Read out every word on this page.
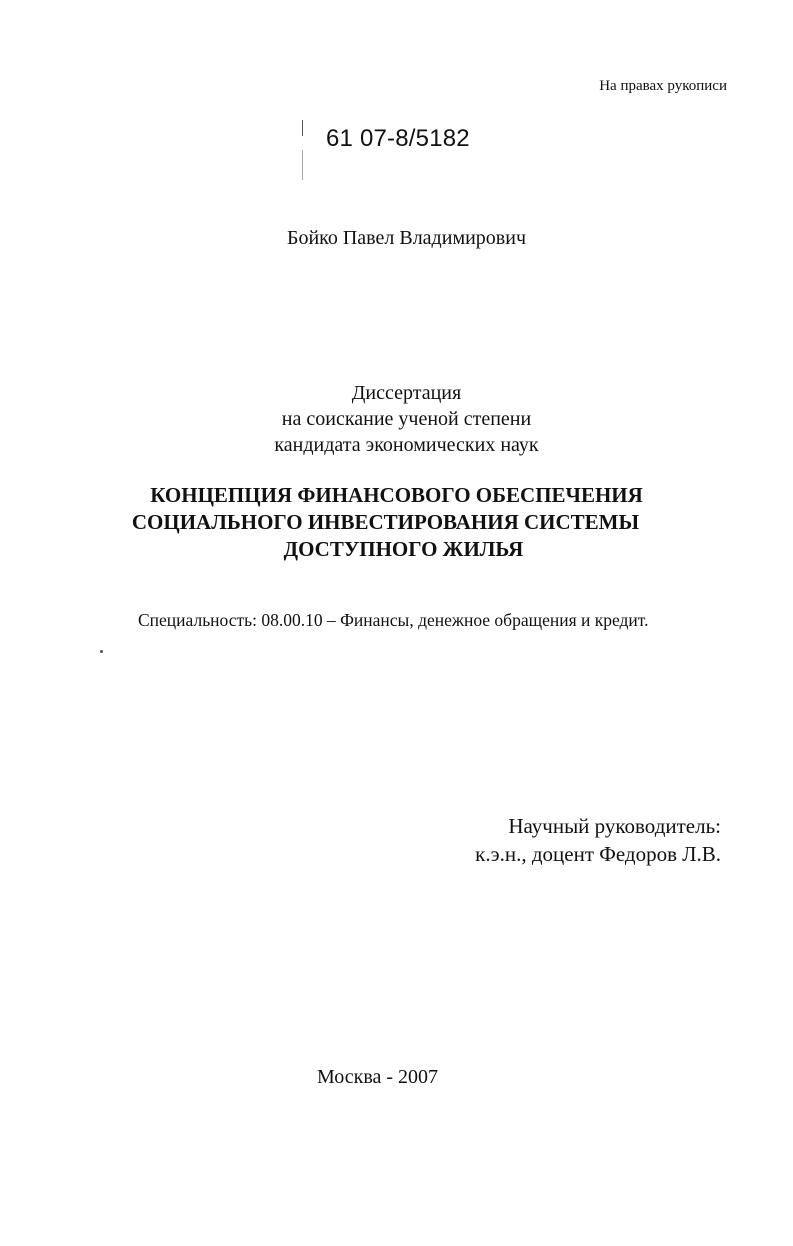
На правах рукописи
61 07-8/5182
Бойко Павел Владимирович
Диссертация
на соискание ученой степени
кандидата экономических наук
КОНЦЕПЦИЯ ФИНАНСОВОГО ОБЕСПЕЧЕНИЯ
СОЦИАЛЬНОГО ИНВЕСТИРОВАНИЯ СИСТЕМЫ
ДОСТУПНОГО ЖИЛЬЯ
Специальность: 08.00.10 – Финансы, денежное обращения и кредит.
Научный руководитель:
к.э.н., доцент Федоров Л.В.
Москва - 2007
